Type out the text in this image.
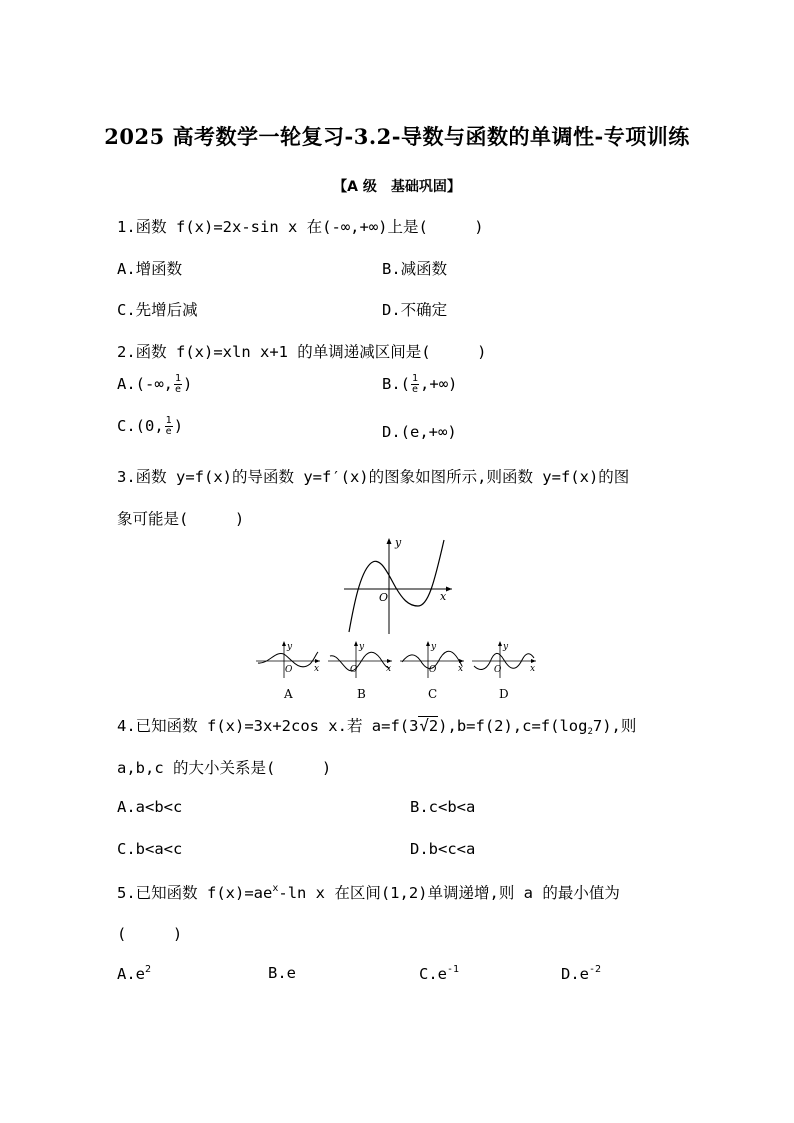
2025 高考数学一轮复习-3.2-导数与函数的单调性-专项训练
【A 级　基础巩固】
1.函数 f(x)=2x-sin x 在(-∞,+∞)上是(　　　)
A.增函数	B.减函数
C.先增后减	D.不确定
2.函数 f(x)=xln x+1 的单调递减区间是(　　　)
A.(-∞, $\frac{1}{e}$ )	$B.( \frac{1}{e}$ ,+∞)
C.(0, $\frac{1}{e}$ )	D.(e,+∞)
3.函数 y=f(x)的导函数 y=f′(x)的图象如图所示,则函数 y=f(x)的图
象可能是(　　　)
y
x
O
y
x
O
y
x
O
y
x
O
y
x
O
A	B	C	D
4.已知函数 f(x)=3x+2cos x.若 $a=f(3√2),b=f(2),c=f(\log_27)$,则
a,b,c 的大小关系是(　　　)
A.a<b<c	B.c<b<a
C.b<a<c	D.b<c<a
5.已知函数 $f(x)=ae^x-\ln$ x 在区间(1,2)单调递增,则 a 的最小值为
(　　　)
$A.e^2$	B.e	$C.e^{-1}$	$D.e^{-2}$
